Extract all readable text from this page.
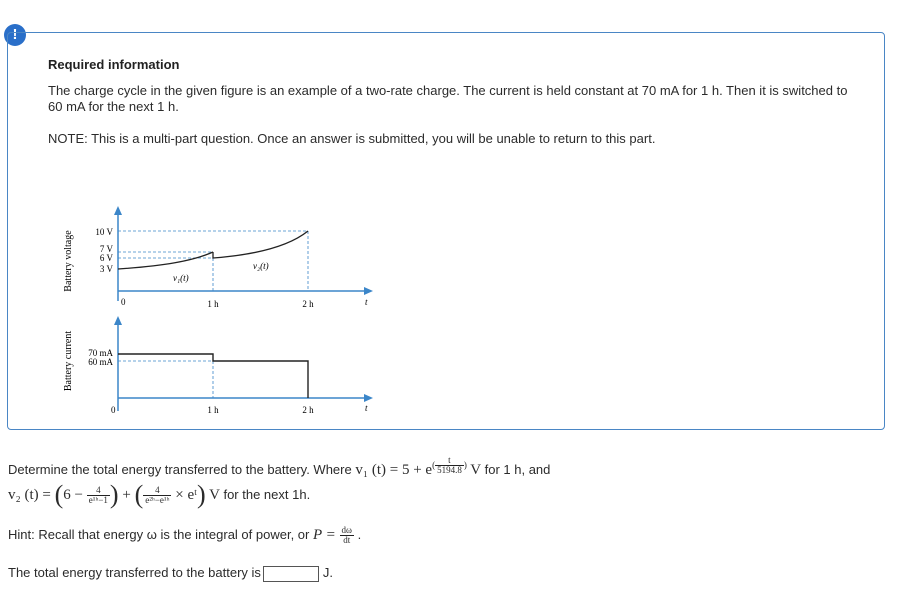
!
Required information
The charge cycle in the given figure is an example of a two-rate charge. The current is held constant at 70 mA for 1 h. Then it is switched to 60 mA for the next 1 h.
NOTE: This is a multi-part question. Once an answer is submitted, you will be unable to return to this part.
Battery voltage
Battery current
10 V
7 V
6 V
3 V
0	1 h	2 h	t
v₁(t)
v₂(t)
70 mA
60 mA
0	1 h	2 h	t
Determine the total energy transferred to the battery. Where v₁ $(t) = 5 + e^{( \frac{t}{5194.8} )}$ V for 1 h, and
v₂ $(t) = (6 - \frac{4}{\text{e¹ʰ−1}}$ ) + ( $\frac{4}{\text{e²ʰ−e¹ʰ}}$ × eᵗ) V for the next 1h.
Hint: Recall that energy ω is the integral of power, or $P = \frac{d\omega}{dt}$ .
The total energy transferred to the battery is	J.
